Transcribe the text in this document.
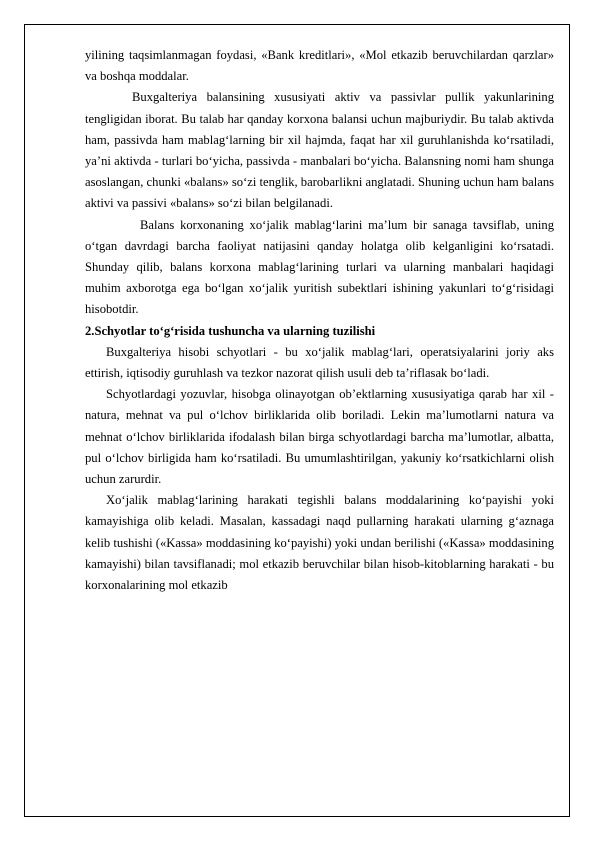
yilining taqsimlanmagan foydasi, «Bank kreditlari», «Mol etkazib beruvchilardan qarzlar» va boshqa moddalar.

Buxgalteriya balansining xususiyati aktiv va passivlar pullik yakunlarining tengligidan iborat. Bu talab har qanday korxona balansi uchun majburiydir. Bu talab aktivda ham, passivda ham mablag‘larning bir xil hajmda, faqat har xil guruhlanishda ko‘rsatiladi, ya’ni aktivda - turlari bo‘yicha, passivda - manbalari bo‘yicha. Balansning nomi ham shunga asoslangan, chunki «balans» so‘zi tenglik, barobarlikni anglatadi. Shuning uchun ham balans aktivi va passivi «balans» so‘zi bilan belgilanadi.

Balans korxonaning xo‘jalik mablag‘larini ma’lum bir sanaga tavsiflab, uning o‘tgan davrdagi barcha faoliyat natijasini qanday holatga olib kelganligini ko‘rsatadi. Shunday qilib, balans korxona mablag‘larining turlari va ularning manbalari haqidagi muhim axborotga ega bo‘lgan xo‘jalik yuritish subektlari ishining yakunlari to‘g‘risidagi hisobotdir.

2.Schyotlar to‘g‘risida tushuncha va ularning tuzilishi

Buxgalteriya hisobi schyotlari - bu xo‘jalik mablag‘lari, operatsiyalarini joriy aks ettirish, iqtisodiy guruhlash va tezkor nazorat qilish usuli deb ta’riflasak bo‘ladi.

Schyotlardagi yozuvlar, hisobga olinayotgan ob’ektlarning xususiyatiga qarab har xil - natura, mehnat va pul o‘lchov birliklarida olib boriladi. Lekin ma’lumotlarni natura va mehnat o‘lchov birliklarida ifodalash bilan birga schyotlardagi barcha ma’lumotlar, albatta, pul o‘lchov birligida ham ko‘rsatiladi. Bu umumlashtirilgan, yakuniy ko‘rsatkichlarni olish uchun zarurdir.

Xo‘jalik mablag‘larining harakati tegishli balans moddalarining ko‘payishi yoki kamayishiga olib keladi. Masalan, kassadagi naqd pullarning harakati ularning g‘aznaga kelib tushishi («Kassa» moddasining ko‘payishi) yoki undan berilishi («Kassa» moddasining kamayishi) bilan tavsiflanadi; mol etkazib beruvchilar bilan hisob-kitoblarning harakati - bu korxonalarining mol etkazib
